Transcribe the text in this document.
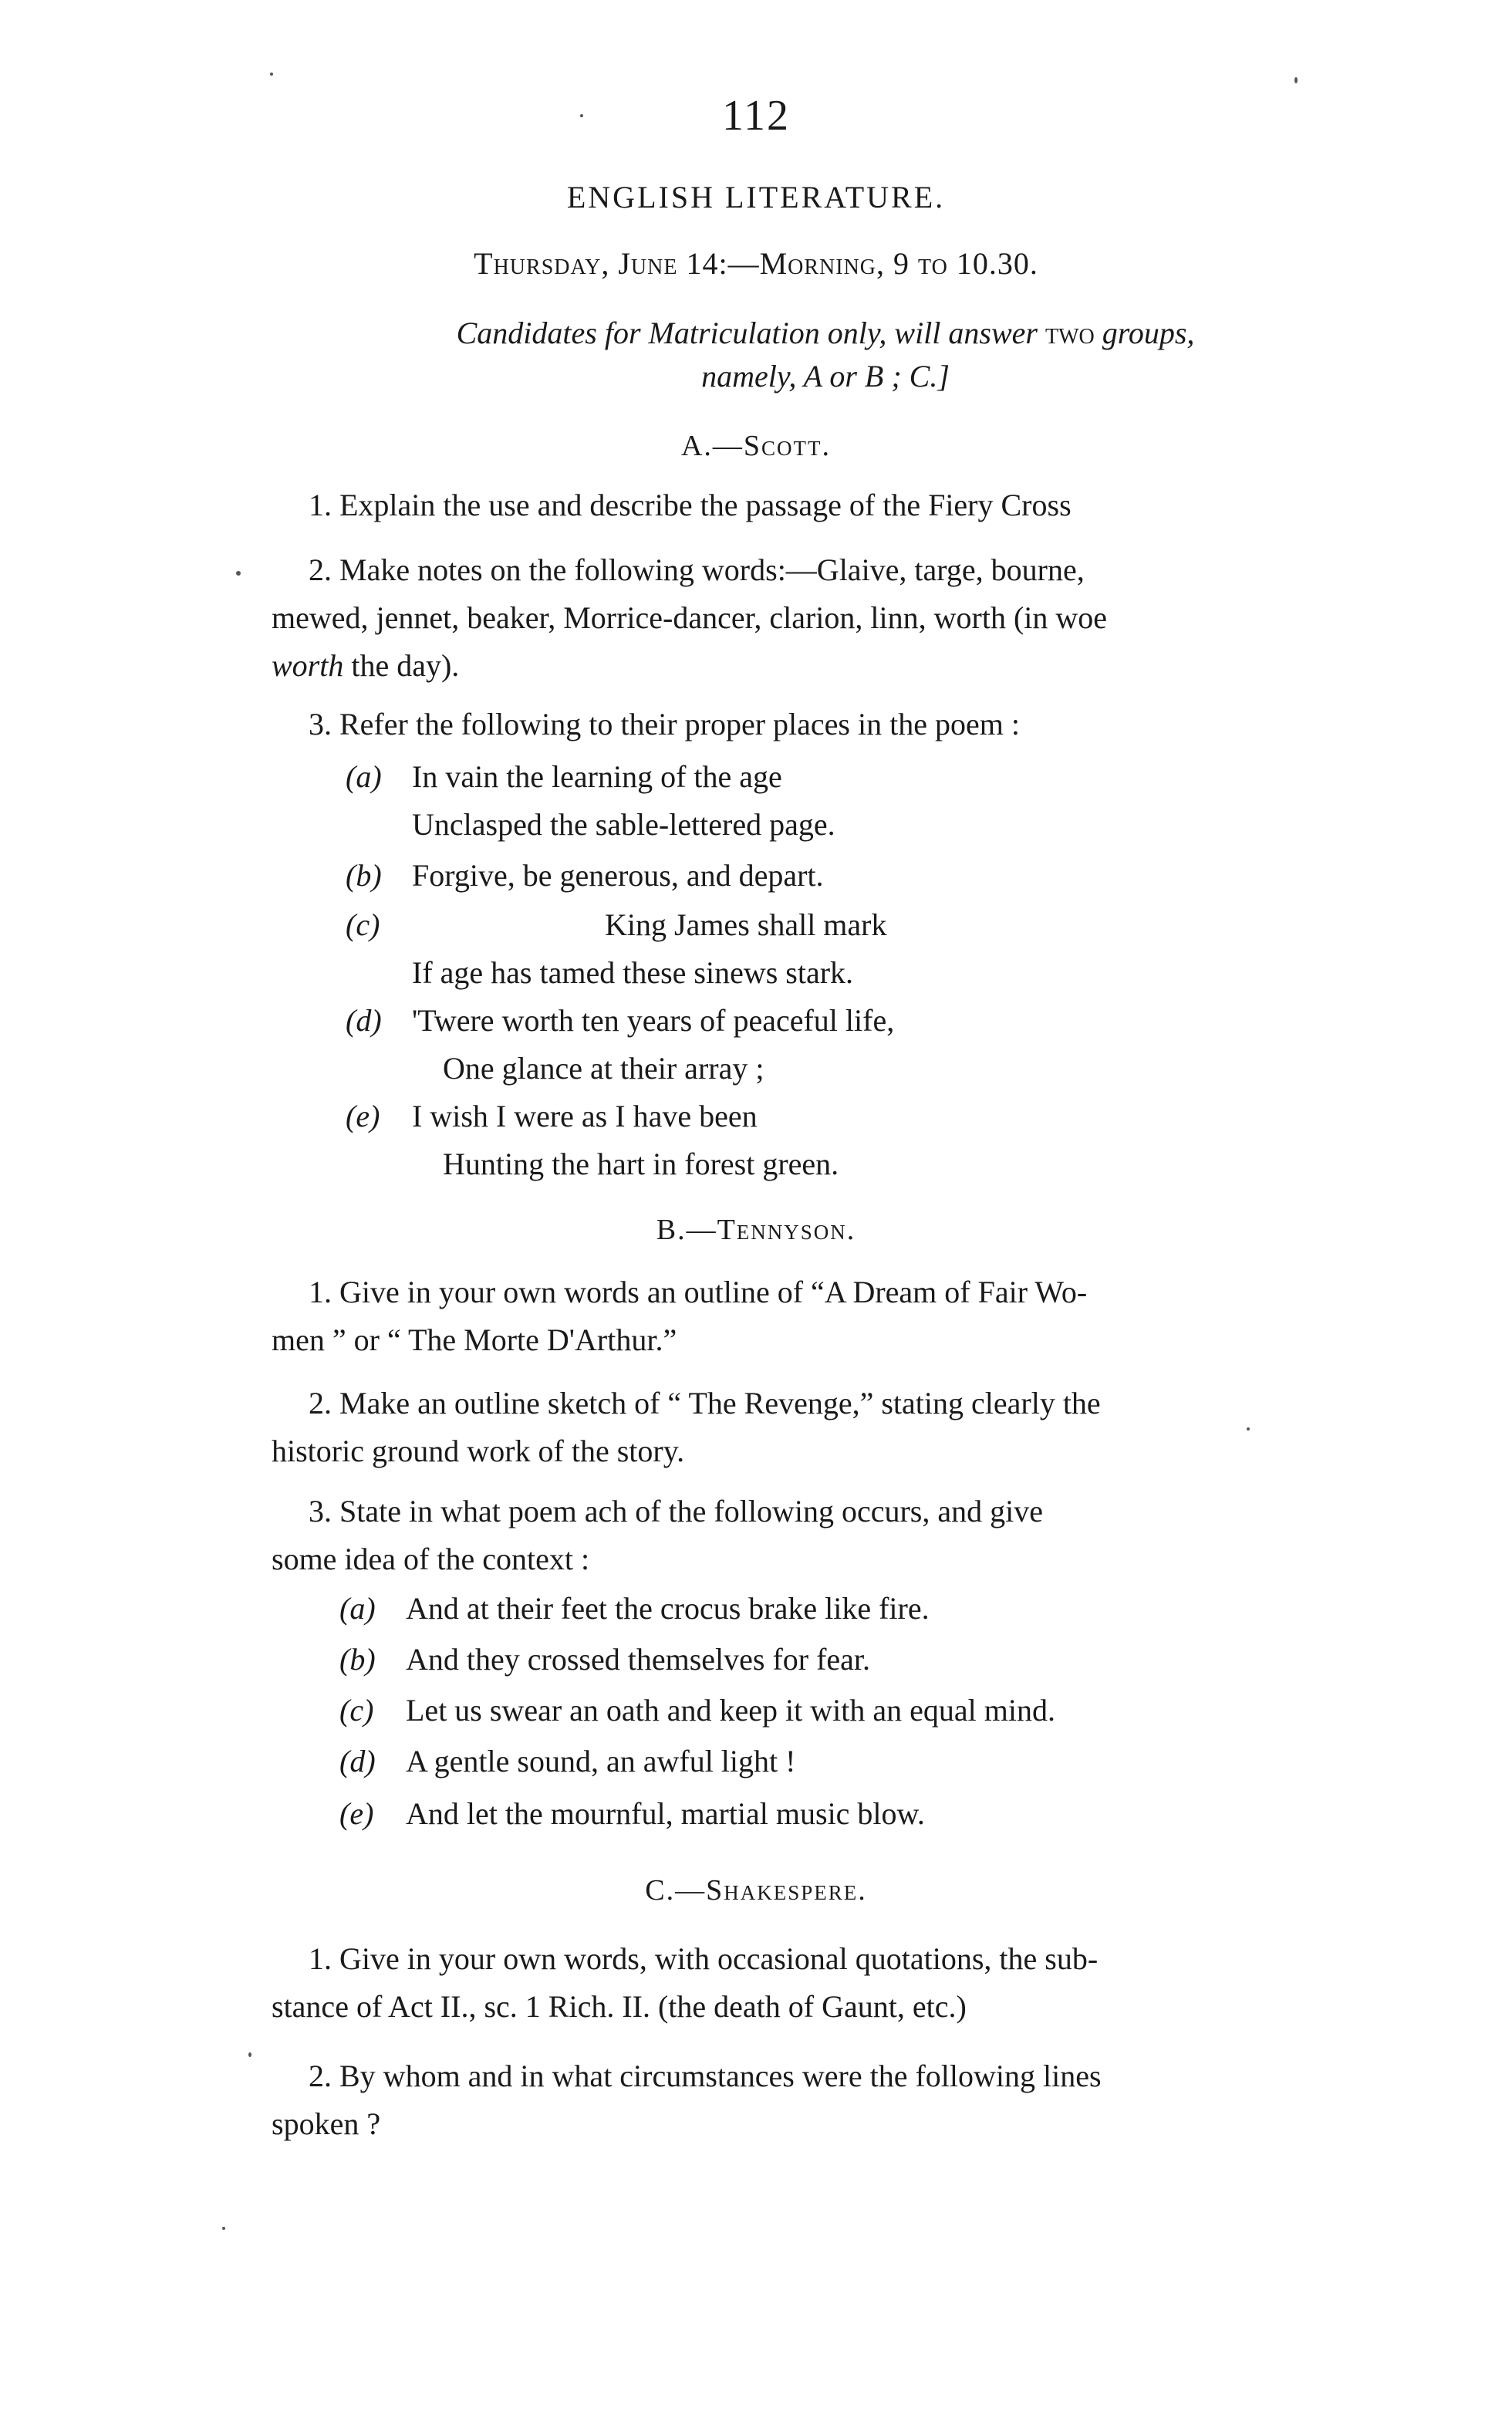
112
ENGLISH LITERATURE.
Thursday, June 14:—Morning, 9 to 10.30.
Candidates for Matriculation only, will answer two groups,
namely, A or B ; C.]
A.—Scott.
1. Explain the use and describe the passage of the Fiery Cross
2. Make notes on the following words:—Glaive, targe, bourne,
mewed, jennet, beaker, Morrice-dancer, clarion, linn, worth (in woe
worth the day).
3. Refer the following to their proper places in the poem :
(a) In vain the learning of the age
Unclasped the sable-lettered page.
(b) Forgive, be generous, and depart.
(c)	King James shall mark
If age has tamed these sinews stark.
(d) 'Twere worth ten years of peaceful life,
One glance at their array ;
(e) I wish I were as I have been
Hunting the hart in forest green.
B.—Tennyson.
1. Give in your own words an outline of “A Dream of Fair Wo-
men ” or “ The Morte D'Arthur.”
2. Make an outline sketch of “ The Revenge,” stating clearly the
historic ground work of the story.
3. State in what poem ach of the following occurs, and give
some idea of the context :
(a) And at their feet the crocus brake like fire.
(b) And they crossed themselves for fear.
(c) Let us swear an oath and keep it with an equal mind.
(d) A gentle sound, an awful light !
(e) And let the mournful, martial music blow.
C.—Shakespere.
1. Give in your own words, with occasional quotations, the sub-
stance of Act II., sc. 1 Rich. II. (the death of Gaunt, etc.)
2. By whom and in what circumstances were the following lines
spoken ?
